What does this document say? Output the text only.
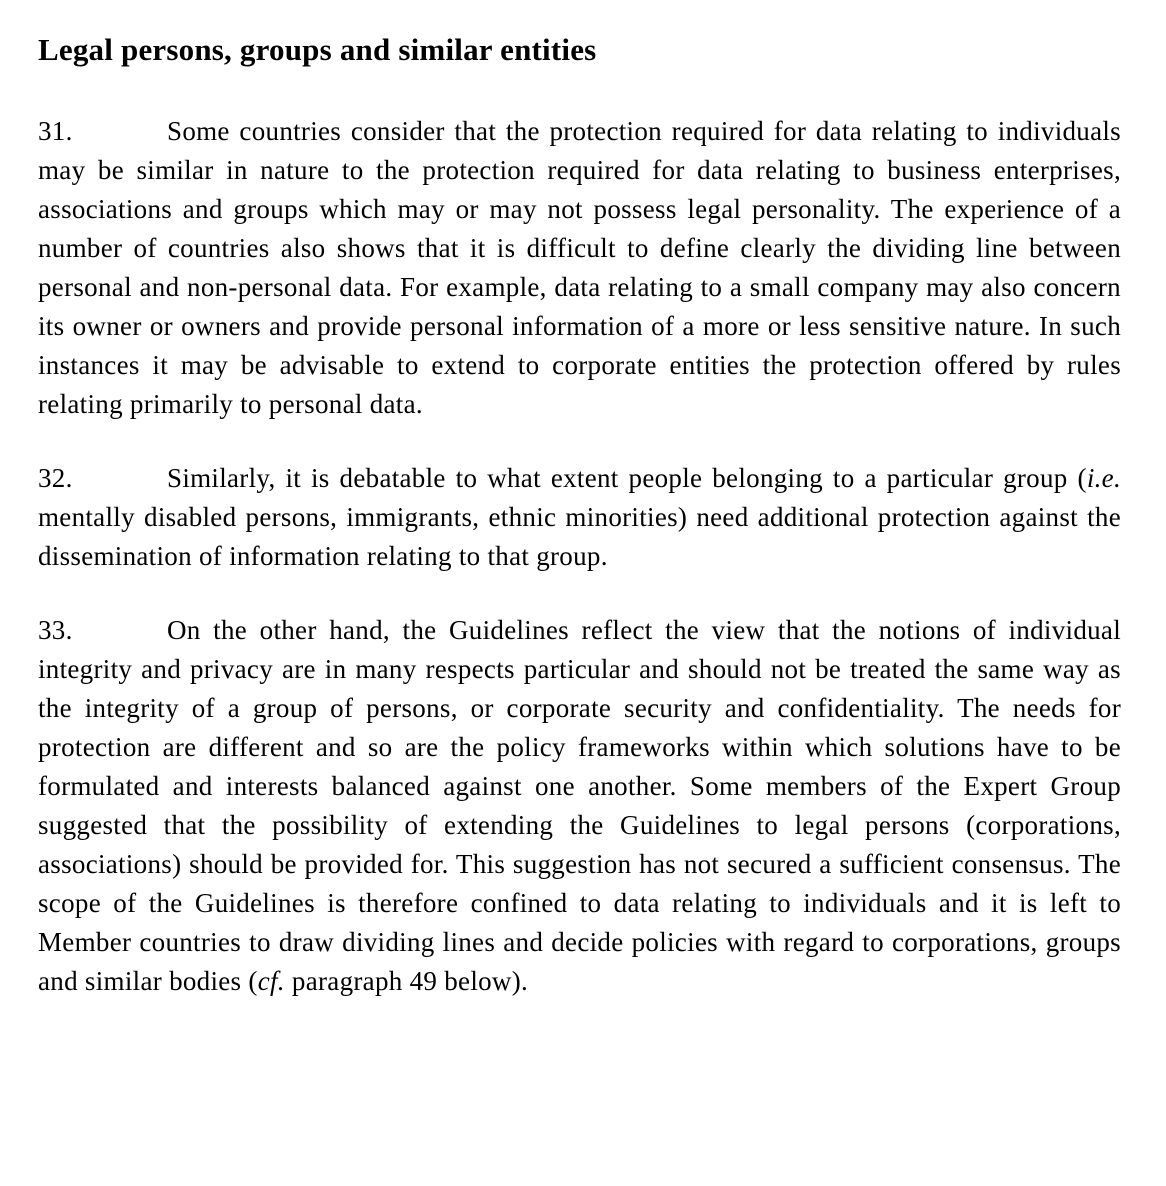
Legal persons, groups and similar entities

31.	Some countries consider that the protection required for data relating to individuals may be similar in nature to the protection required for data relating to business enterprises, associations and groups which may or may not possess legal personality. The experience of a number of countries also shows that it is difficult to define clearly the dividing line between personal and non-personal data. For example, data relating to a small company may also concern its owner or owners and provide personal information of a more or less sensitive nature. In such instances it may be advisable to extend to corporate entities the protection offered by rules relating primarily to personal data.

32.	Similarly, it is debatable to what extent people belonging to a particular group (i.e. mentally disabled persons, immigrants, ethnic minorities) need additional protection against the dissemination of information relating to that group.

33.	On the other hand, the Guidelines reflect the view that the notions of individual integrity and privacy are in many respects particular and should not be treated the same way as the integrity of a group of persons, or corporate security and confidentiality. The needs for protection are different and so are the policy frameworks within which solutions have to be formulated and interests balanced against one another. Some members of the Expert Group suggested that the possibility of extending the Guidelines to legal persons (corporations, associations) should be provided for. This suggestion has not secured a sufficient consensus. The scope of the Guidelines is therefore confined to data relating to individuals and it is left to Member countries to draw dividing lines and decide policies with regard to corporations, groups and similar bodies (cf. paragraph 49 below).
